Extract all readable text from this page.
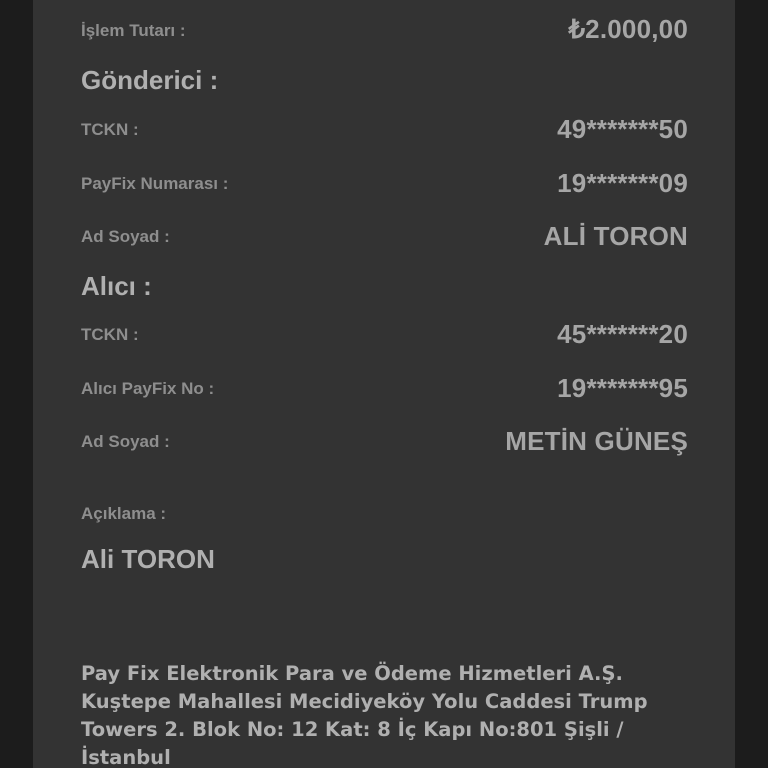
İşlem Tutarı :	₺2.000,00
Gönderici :
TCKN :	49*******50
PayFix Numarası :	19*******09
Ad Soyad :	ALİ TORON
Alıcı :
TCKN :	45*******20
Alıcı PayFix No :	19*******95
Ad Soyad :	METİN GÜNEŞ
Açıklama :
Ali TORON
Pay Fix Elektronik Para ve Ödeme Hizmetleri A.Ş.
Kuştepe Mahallesi Mecidiyeköy Yolu Caddesi Trump
Towers 2. Blok No: 12 Kat: 8 İç Kapı No:801 Şişli /
İstanbul
